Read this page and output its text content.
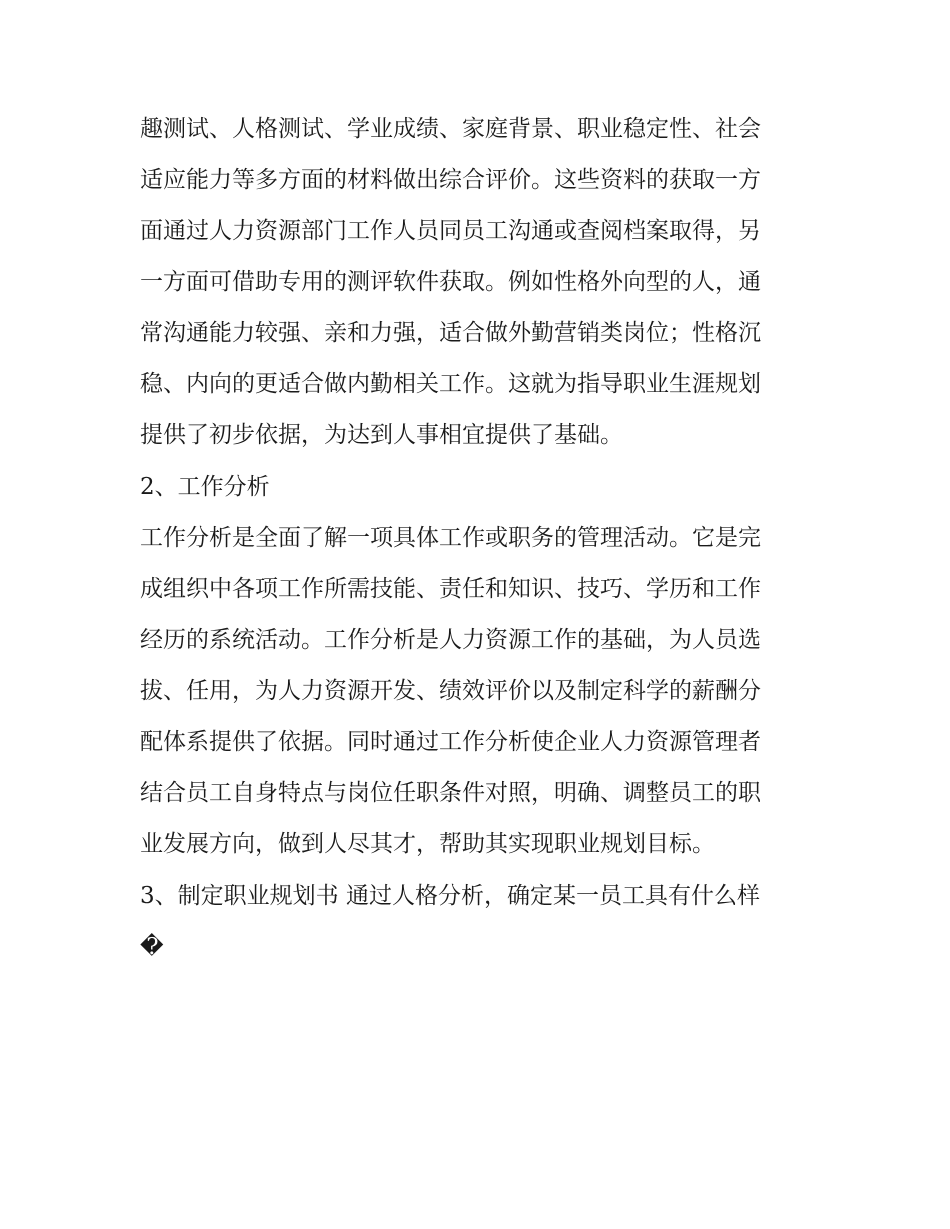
趣测试、人格测试、学业成绩、家庭背景、职业稳定性、社会
适应能力等多方面的材料做出综合评价。这些资料的获取一方
面通过人力资源部门工作人员同员工沟通或查阅档案取得，另
一方面可借助专用的测评软件获取。例如性格外向型的人，通
常沟通能力较强、亲和力强，适合做外勤营销类岗位；性格沉
稳、内向的更适合做内勤相关工作。这就为指导职业生涯规划
提供了初步依据，为达到人事相宜提供了基础。
2、工作分析
工作分析是全面了解一项具体工作或职务的管理活动。它是完
成组织中各项工作所需技能、责任和知识、技巧、学历和工作
经历的系统活动。工作分析是人力资源工作的基础，为人员选
拔、任用，为人力资源开发、绩效评价以及制定科学的薪酬分
配体系提供了依据。同时通过工作分析使企业人力资源管理者
结合员工自身特点与岗位任职条件对照，明确、调整员工的职
业发展方向，做到人尽其才，帮助其实现职业规划目标。
3、制定职业规划书 通过人格分析，确定某一员工具有什么样
�
